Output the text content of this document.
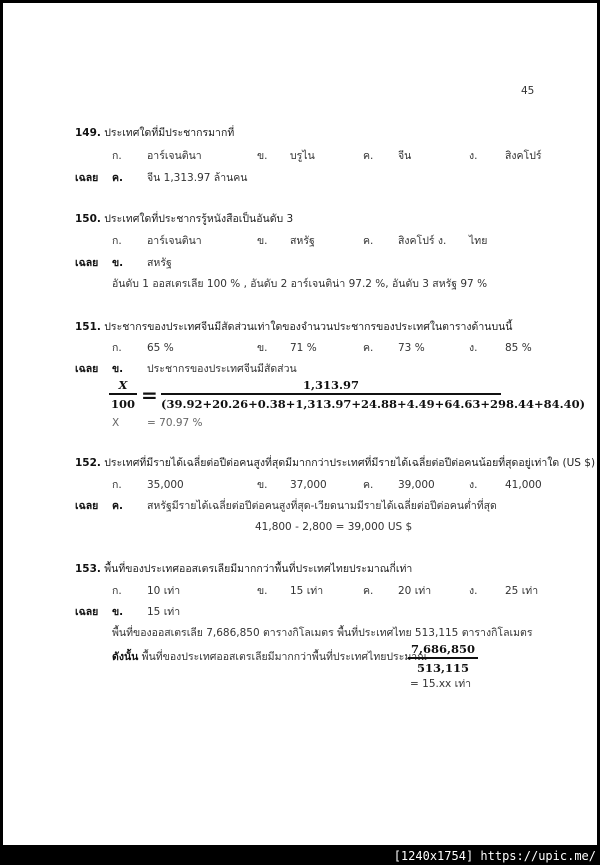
45
149. ประเทศใดที่มีประชากรมากที่
ก. อาร์เจนตินา	ข. บรูไน	ค. จีน	ง.	สิงคโปร์
เฉลย ค. จีน 1,313.97 ล้านคน
150. ประเทศใดที่ประชากรรู้หนังสือเป็นอันดับ 3
ก. อาร์เจนตินา	ข. สหรัฐ	ค. สิงคโปร์ ง. ไทย
เฉลย ข. สหรัฐ
อันดับ 1 ออสเตรเลีย 100 % , อันดับ 2 อาร์เจนติน่า 97.2 %, อันดับ 3 สหรัฐ 97 %
151. ประชากรของประเทศจีนมีสัดส่วนเท่าใดของจำนวนประชากรของประเทศในตารางด้านบนนี้
ก. 65 %	ข. 71 %	ค. 73 %	ง.	85 %
เฉลย ข. ประชากรของประเทศจีนมีสัดส่วน
$\frac{X}{100} = \frac{1,313.97}{(39.92+20.26+0.38+1,313.97+24.88+4.49+64.63+298.44+84.40)}$
X	= 70.97 %
152. ประเทศที่มีรายได้เฉลี่ยต่อปีต่อคนสูงที่สุดมีมากกว่าประเทศที่มีรายได้เฉลี่ยต่อปีต่อคนน้อยที่สุดอยู่เท่าใด (US $)
ก. 35,000	ข. 37,000	ค. 39,000	ง.	41,000
เฉลย ค. สหรัฐมีรายได้เฉลี่ยต่อปีต่อคนสูงที่สุด-เวียดนามมีรายได้เฉลี่ยต่อปีต่อคนต่ำที่สุด
41,800 - 2,800 = 39,000 US $
153. พื้นที่ของประเทศออสเตรเลียมีมากกว่าพื้นที่ประเทศไทยประมาณกี่เท่า
ก. 10 เท่า	ข. 15 เท่า	ค. 20 เท่า	ง.	25 เท่า
เฉลย ข. 15 เท่า
พื้นที่ของออสเตรเลีย 7,686,850 ตารางกิโลเมตร พื้นที่ประเทศไทย 513,115 ตารางกิโลเมตร
ดังนั้น พื้นที่ของประเทศออสเตรเลียมีมากกว่าพื้นที่ประเทศไทยประมาณ
$\frac{7,686,850}{513,115}$
= 15.xx เท่า
[1240x1754] https://upic.me/
